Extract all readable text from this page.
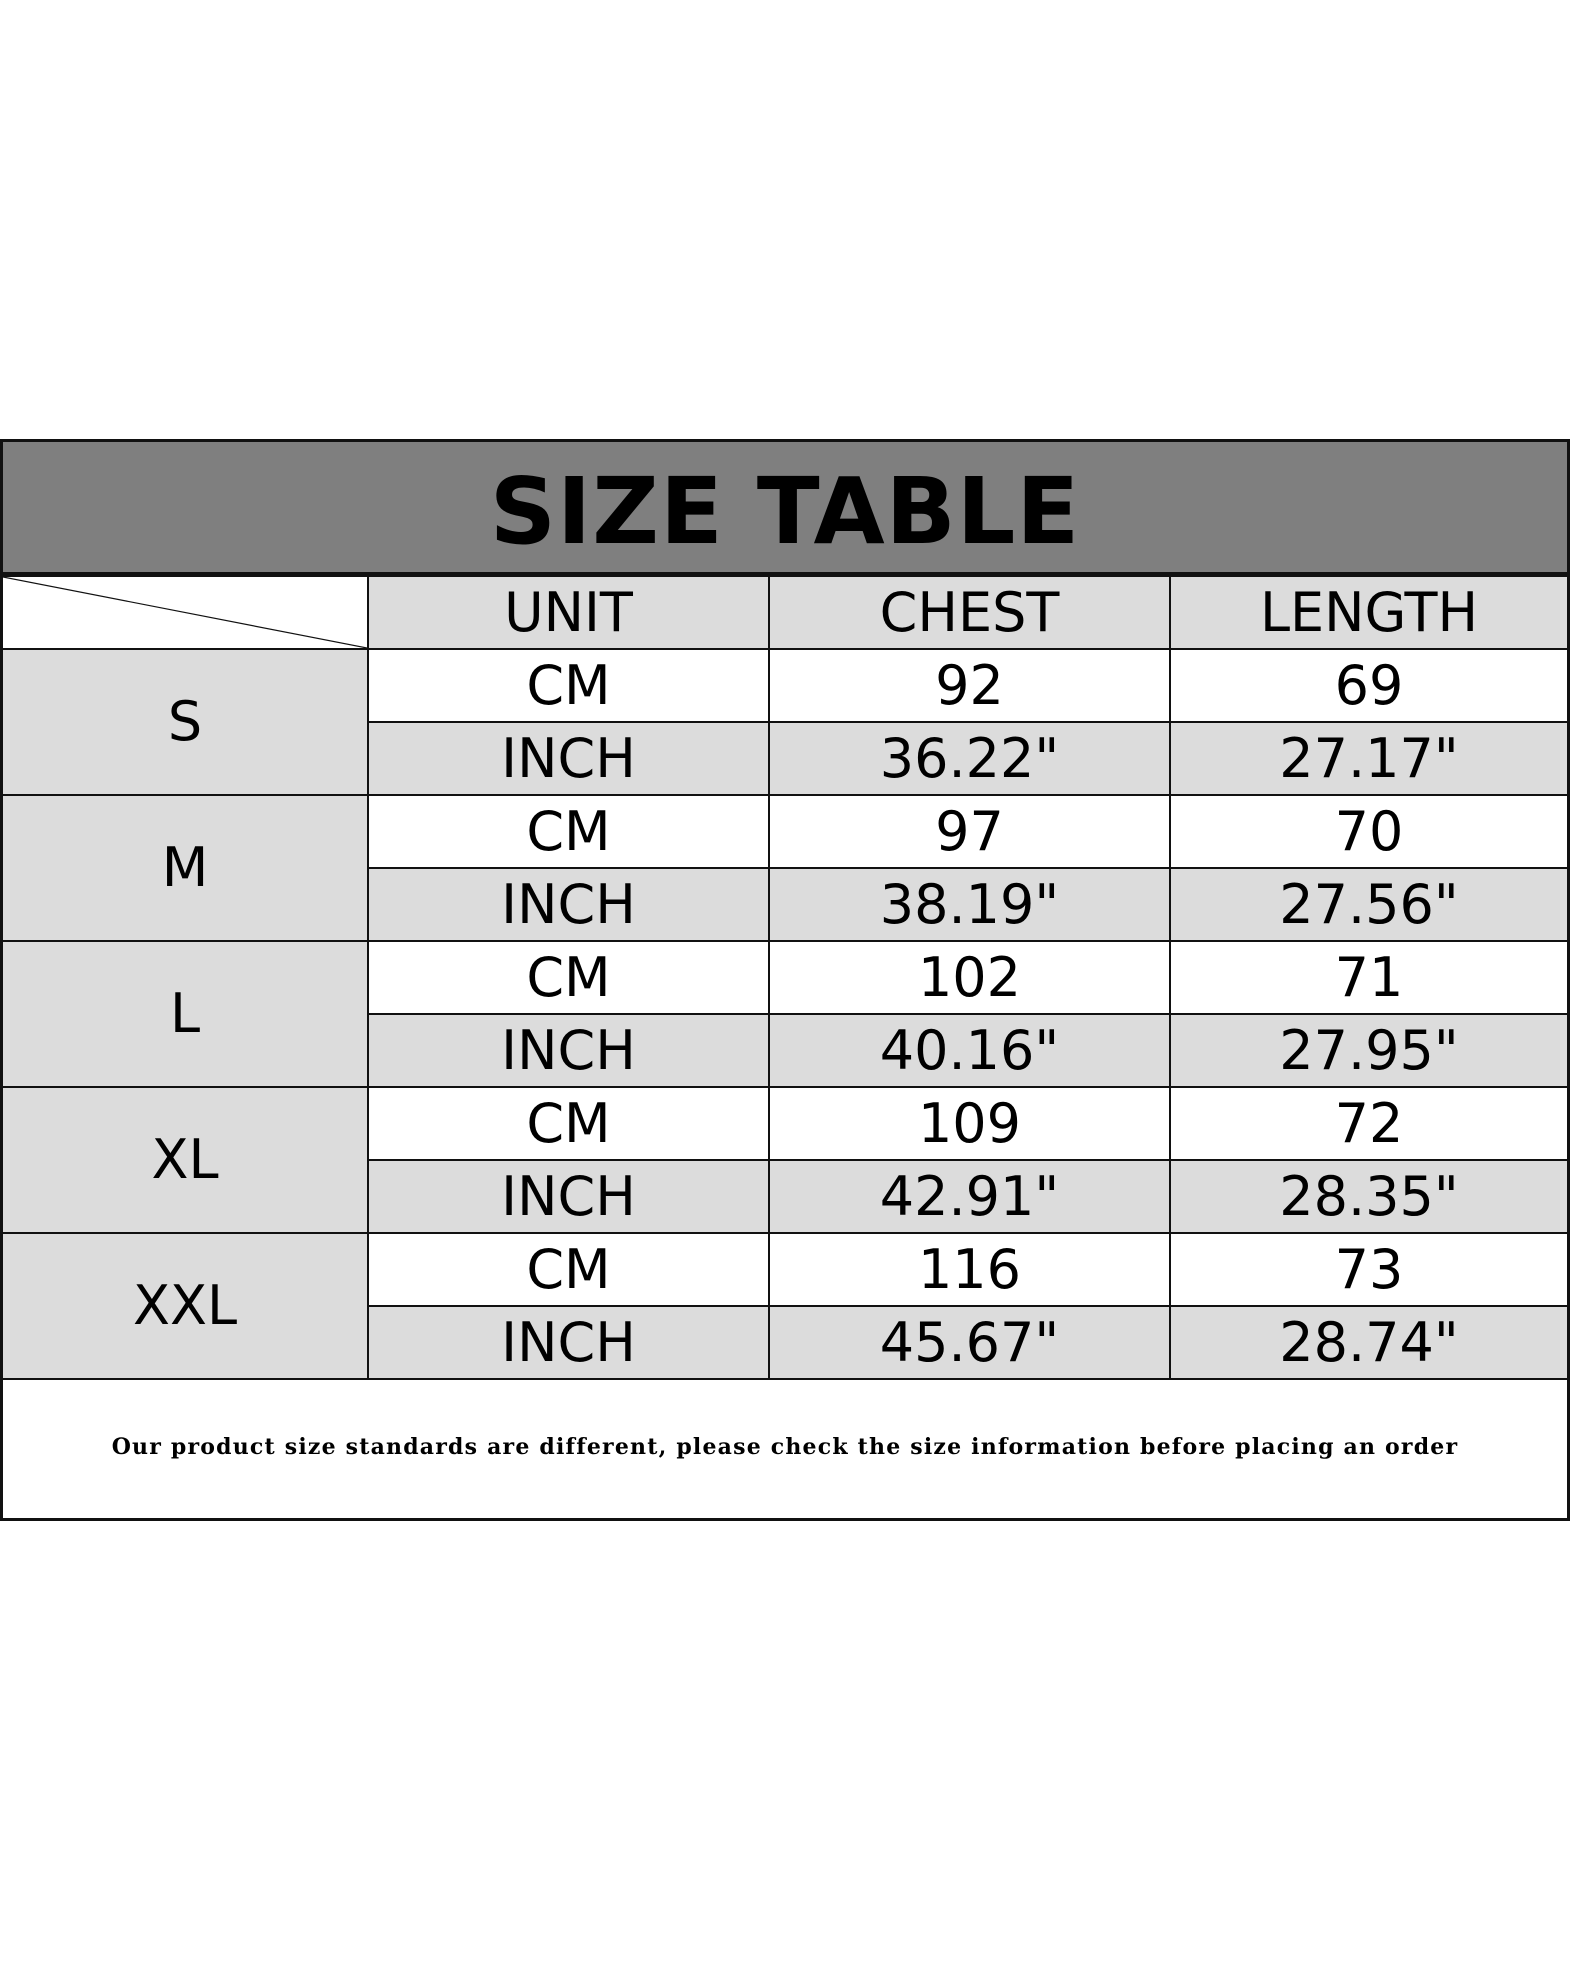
SIZE TABLE
	UNIT	CHEST	LENGTH
S	CM	92	69
	INCH	36.22"	27.17"
M	CM	97	70
	INCH	38.19"	27.56"
L	CM	102	71
	INCH	40.16"	27.95"
XL	CM	109	72
	INCH	42.91"	28.35"
XXL	CM	116	73
	INCH	45.67"	28.74"
Our product size standards are different, please check the size information before placing an order
